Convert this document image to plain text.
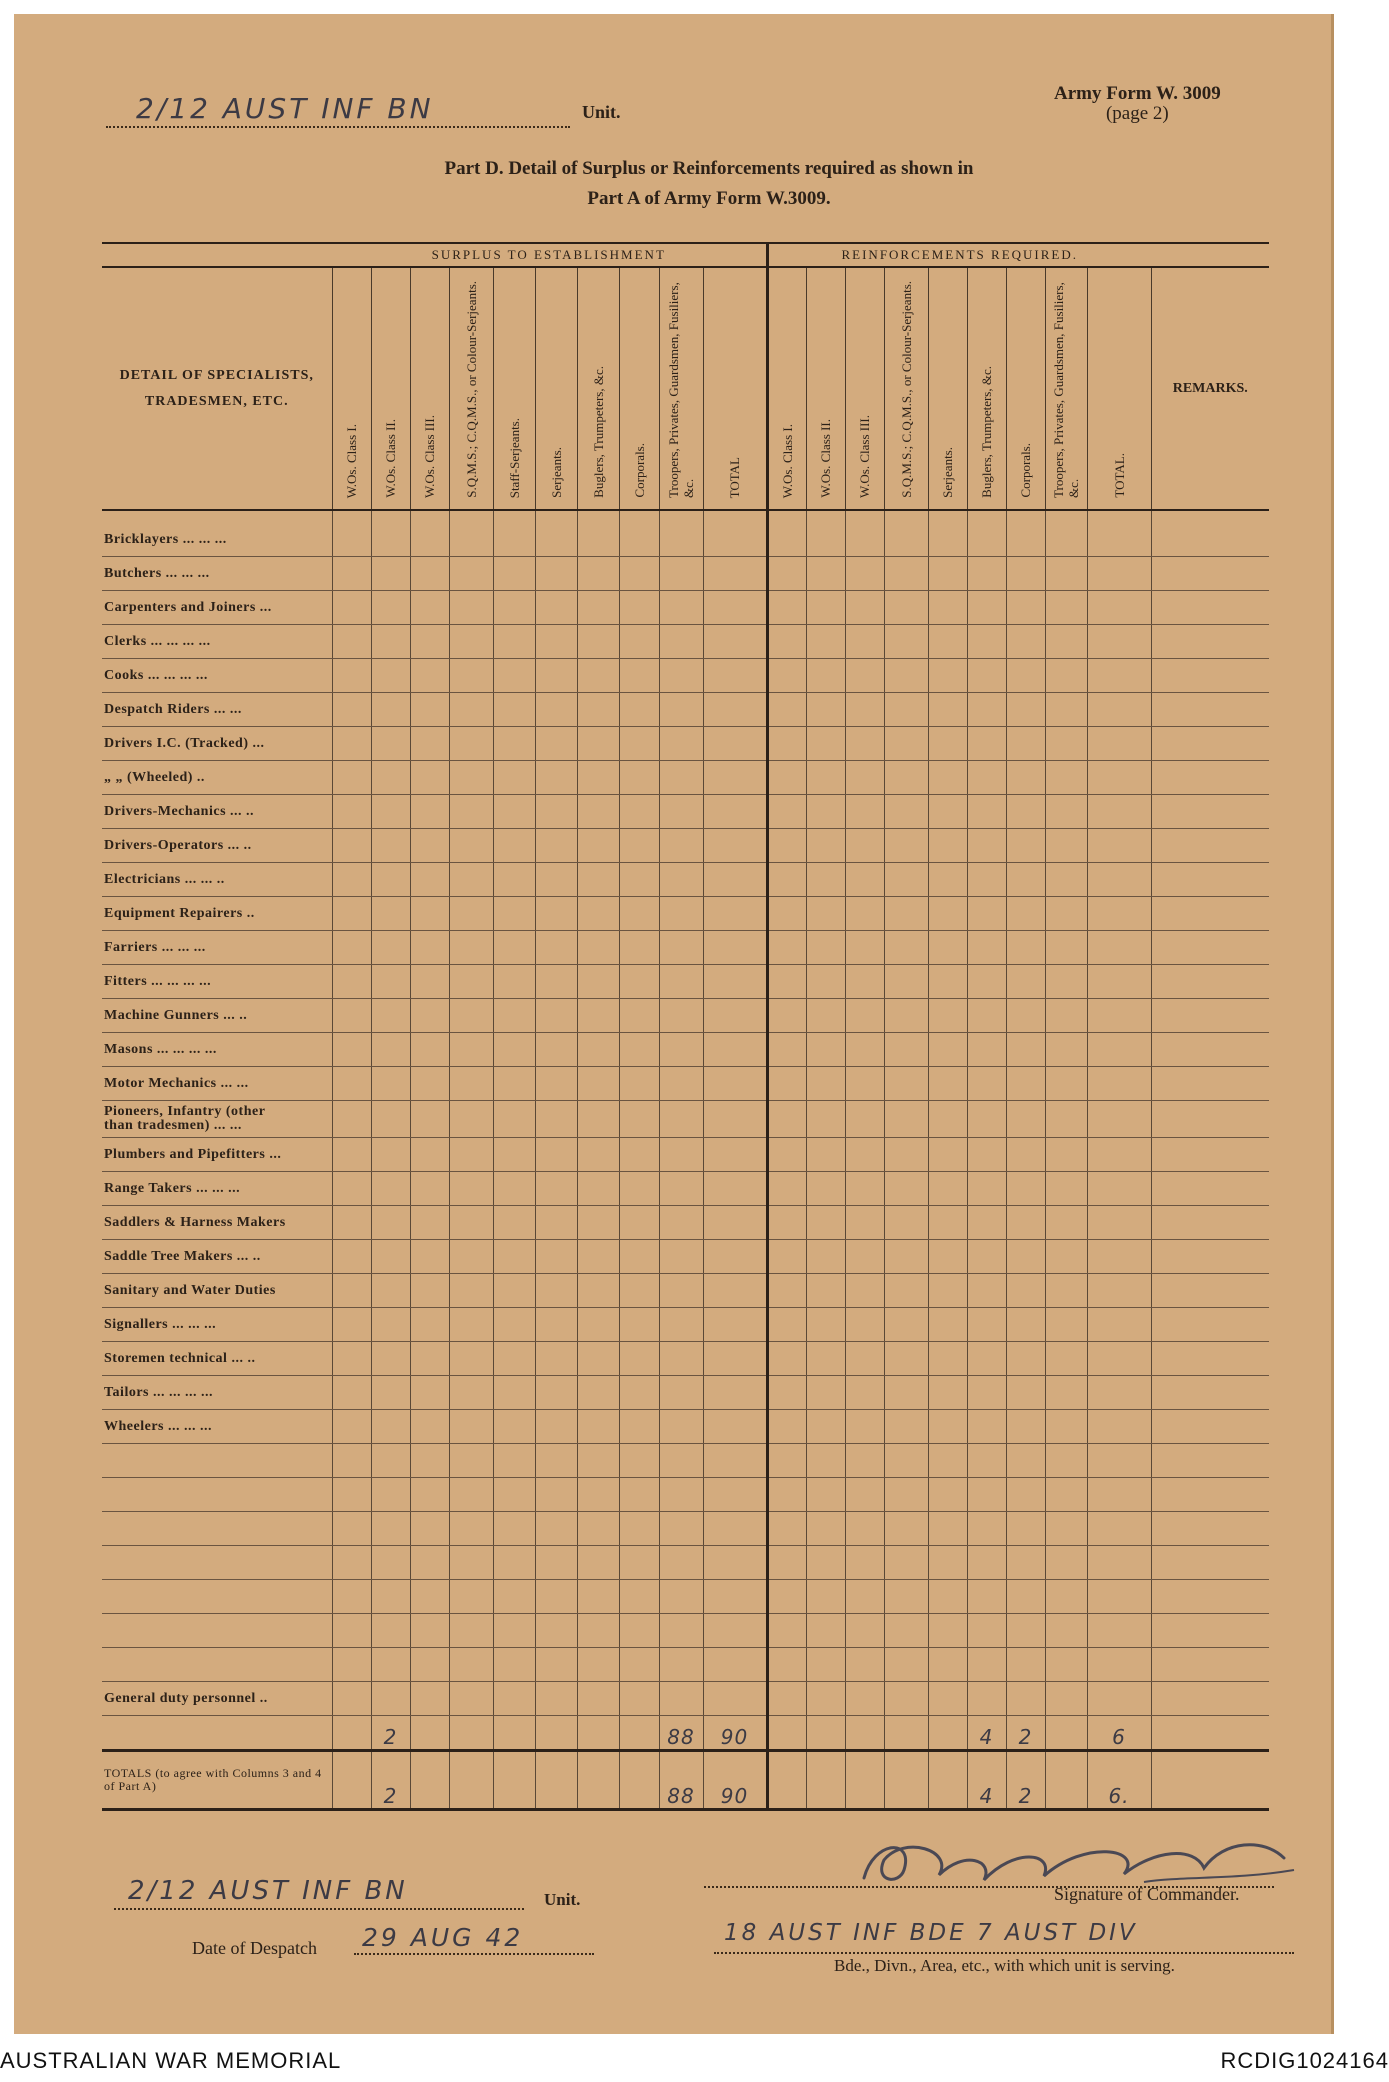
2/12 AUST INF BN	Unit.
Army Form W. 3009
(page 2)
Part D. Detail of Surplus or Reinforcements required as shown in
Part A of Army Form W.3009.
	SURPLUS TO ESTABLISHMENT										REINFORCEMENTS REQUIRED.									

DETAIL OF SPECIALISTS,
TRADESMEN, ETC.	W.Os. Class I.	W.Os. Class II.	W.Os. Class III.	S.Q.M.S.; C.Q.M.S., or Colour-Serjeants.	Staff-Serjeants.	Serjeants.	Buglers, Trumpeters, &c.	Corporals.	Troopers, Privates, Guardsmen, Fusiliers, &c.	TOTAL	W.Os. Class I.	W.Os. Class II.	W.Os. Class III.	S.Q.M.S.; C.Q.M.S., or Colour-Serjeants.	Serjeants.	Buglers, Trumpeters, &c.	Corporals.	Troopers, Privates, Guardsmen, Fusiliers, &c.	TOTAL.	REMARKS.

Bricklayers ... ... ...																				
Butchers ... ... ...																				
Carpenters and Joiners ...																				
Clerks ... ... ... ...																				
Cooks ... ... ... ...																				
Despatch Riders ... ...																				
Drivers I.C. (Tracked) ...																				
„ „ (Wheeled) ..																				
Drivers-Mechanics ... ..																				
Drivers-Operators ... ..																				
Electricians ... ... ..																				
Equipment Repairers ..																				
Farriers ... ... ...																				
Fitters ... ... ... ...																				
Machine Gunners ... ..																				
Masons ... ... ... ...																				
Motor Mechanics ... ...																				

Pioneers, Infantry (other
than tradesmen) ... ...																				

Plumbers and Pipefitters ...																				
Range Takers ... ... ...																				
Saddlers & Harness Makers																				
Saddle Tree Makers ... ..																				
Sanitary and Water Duties																				
Signallers ... ... ...																				
Storemen technical ... ..																				
Tailors ... ... ... ...																				
Wheelers ... ... ...																				

General duty personnel ..																				
		2							88	90						4	2		6	
TOTALS (to agree with Columns 3 and 4 of Part A)		2							88	90						4	2		6.	
2/12 AUST INF BN	Unit.	Signature of Commander.
Date of Despatch 29 AUG 42	18 AUST INF BDE 7 AUST DIV
Bde., Divn., Area, etc., with which unit is serving.
AUSTRALIAN WAR MEMORIAL	RCDIG1024164
